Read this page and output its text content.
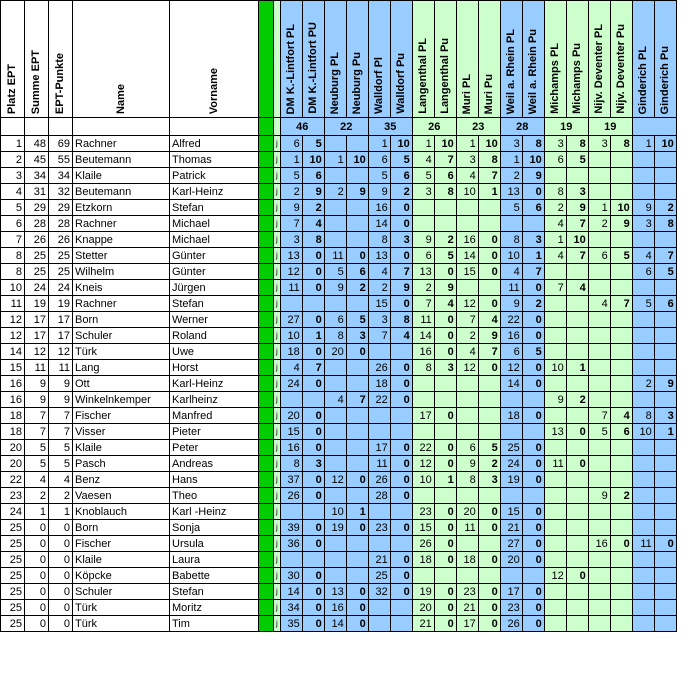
Platz EPT	Summe EPT	EPT-Punkte	Name	Vorname			DM K.-Lintfort PL	DM K.-Lintfort PU	Neuburg PL	Neuburg Pu	Walldorf Pl	Walldorf Pu	Langenthal PL	Langenthal Pu	Muri PL	Muri Pu	Weil a. Rhein PL	Weil a. Rhein Pu	Michamps PL	Michamps Pu	Nijv. Deventer PL	Nijv. Deventer Pu	Ginderich PL	Ginderich Pu

							46		22		35		26		23		28		19		19			
1	48	69	Rachner	Alfred		j	6	5			1	10	1	10	1	10	3	8	3	8	3	8	1	10
2	45	55	Beutemann	Thomas		j	1	10	1	10	6	5	4	7	3	8	1	10	6	5				
3	34	34	Klaile	Patrick		j	5	6			5	6	5	6	4	7	2	9						
4	31	32	Beutemann	Karl-Heinz		j	2	9	2	9	9	2	3	8	10	1	13	0	8	3				
5	29	29	Etzkorn	Stefan		j	9	2			16	0					5	6	2	9	1	10	9	2
6	28	28	Rachner	Michael		j	7	4			14	0							4	7	2	9	3	8
7	26	26	Knappe	Michael		j	3	8			8	3	9	2	16	0	8	3	1	10				
8	25	25	Stetter	Günter		j	13	0	11	0	13	0	6	5	14	0	10	1	4	7	6	5	4	7
8	25	25	Wilhelm	Günter		j	12	0	5	6	4	7	13	0	15	0	4	7					6	5
10	24	24	Kneis	Jürgen		j	11	0	9	2	2	9	2	9			11	0	7	4				
11	19	19	Rachner	Stefan		j					15	0	7	4	12	0	9	2			4	7	5	6
12	17	17	Born	Werner		j	27	0	6	5	3	8	11	0	7	4	22	0						
12	17	17	Schuler	Roland		j	10	1	8	3	7	4	14	0	2	9	16	0						
14	12	12	Türk	Uwe		j	18	0	20	0			16	0	4	7	6	5						
15	11	11	Lang	Horst		j	4	7			26	0	8	3	12	0	12	0	10	1				
16	9	9	Ott	Karl-Heinz		j	24	0			18	0					14	0					2	9
16	9	9	Winkelnkemper	Karlheinz		j			4	7	22	0							9	2				
18	7	7	Fischer	Manfred		j	20	0					17	0			18	0			7	4	8	3
18	7	7	Visser	Pieter		j	15	0											13	0	5	6	10	1
20	5	5	Klaile	Peter		j	16	0			17	0	22	0	6	5	25	0						
20	5	5	Pasch	Andreas		j	8	3			11	0	12	0	9	2	24	0	11	0				
22	4	4	Benz	Hans		j	37	0	12	0	26	0	10	1	8	3	19	0						
23	2	2	Vaesen	Theo		j	26	0			28	0									9	2		
24	1	1	Knoblauch	Karl -Heinz		j			10	1			23	0	20	0	15	0						
25	0	0	Born	Sonja		j	39	0	19	0	23	0	15	0	11	0	21	0						
25	0	0	Fischer	Ursula		j	36	0					26	0			27	0			16	0	11	0
25	0	0	Klaile	Laura		j					21	0	18	0	18	0	20	0						
25	0	0	Köpcke	Babette		j	30	0			25	0							12	0				
25	0	0	Schuler	Stefan		j	14	0	13	0	32	0	19	0	23	0	17	0						
25	0	0	Türk	Moritz		j	34	0	16	0			20	0	21	0	23	0						
25	0	0	Türk	Tim		j	35	0	14	0			21	0	17	0	26	0						
